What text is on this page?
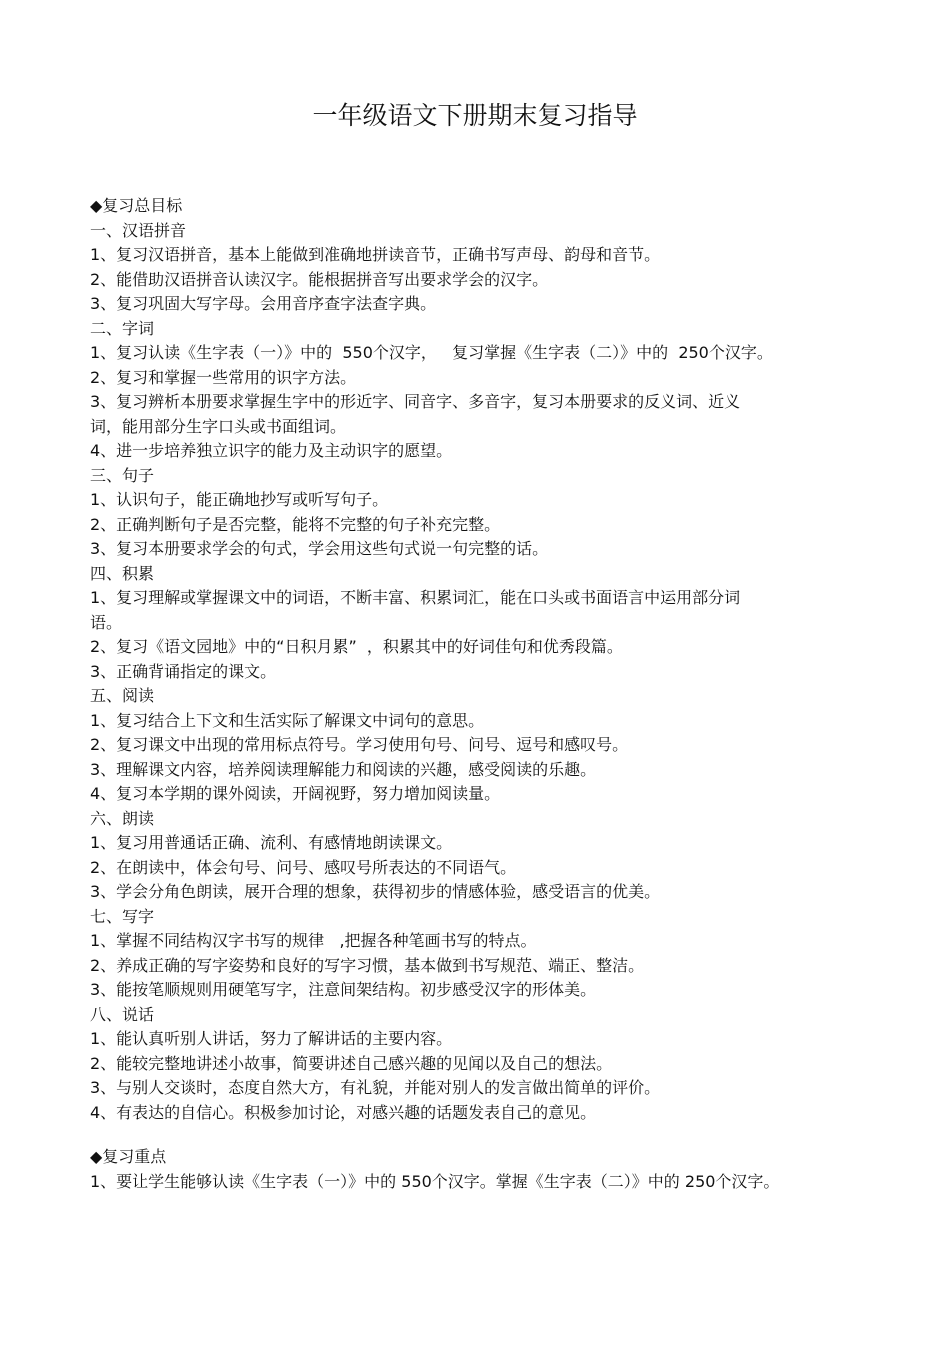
一年级语文下册期末复习指导

◆复习总目标

一、汉语拼音

1、复习汉语拼音，基本上能做到准确地拼读音节，正确书写声母、韵母和音节。

2、能借助汉语拼音认读汉字。能根据拼音写出要求学会的汉字。

3、复习巩固大写字母。会用音序查字法查字典。

二、字词

1、复习认读《生字表（一）》中的  550个汉字，   复习掌握《生字表（二）》中的  250个汉字。

2、复习和掌握一些常用的识字方法。

3、复习辨析本册要求掌握生字中的形近字、同音字、多音字，复习本册要求的反义词、近义

词，能用部分生字口头或书面组词。

4、进一步培养独立识字的能力及主动识字的愿望。

三、句子

1、认识句子，能正确地抄写或听写句子。

2、正确判断句子是否完整，能将不完整的句子补充完整。

3、复习本册要求学会的句式，学会用这些句式说一句完整的话。

四、积累

1、复习理解或掌握课文中的词语，不断丰富、积累词汇，能在口头或书面语言中运用部分词

语。

2、复习《语文园地》中的“日积月累”  ，积累其中的好词佳句和优秀段篇。

3、正确背诵指定的课文。

五、阅读

1、复习结合上下文和生活实际了解课文中词句的意思。

2、复习课文中出现的常用标点符号。学习使用句号、问号、逗号和感叹号。

3、理解课文内容，培养阅读理解能力和阅读的兴趣，感受阅读的乐趣。

4、复习本学期的课外阅读，开阔视野，努力增加阅读量。

六、朗读

1、复习用普通话正确、流利、有感情地朗读课文。

2、在朗读中，体会句号、问号、感叹号所表达的不同语气。

3、学会分角色朗读，展开合理的想象，获得初步的情感体验，感受语言的优美。

七、写字

1、掌握不同结构汉字书写的规律   ,把握各种笔画书写的特点。

2、养成正确的写字姿势和良好的写字习惯，基本做到书写规范、端正、整洁。

3、能按笔顺规则用硬笔写字，注意间架结构。初步感受汉字的形体美。

八、说话

1、能认真听别人讲话，努力了解讲话的主要内容。

2、能较完整地讲述小故事，简要讲述自己感兴趣的见闻以及自己的想法。

3、与别人交谈时，态度自然大方，有礼貌，并能对别人的发言做出简单的评价。

4、有表达的自信心。积极参加讨论，对感兴趣的话题发表自己的意见。

◆复习重点

1、要让学生能够认读《生字表（一）》中的 550个汉字。掌握《生字表（二）》中的 250个汉字。
